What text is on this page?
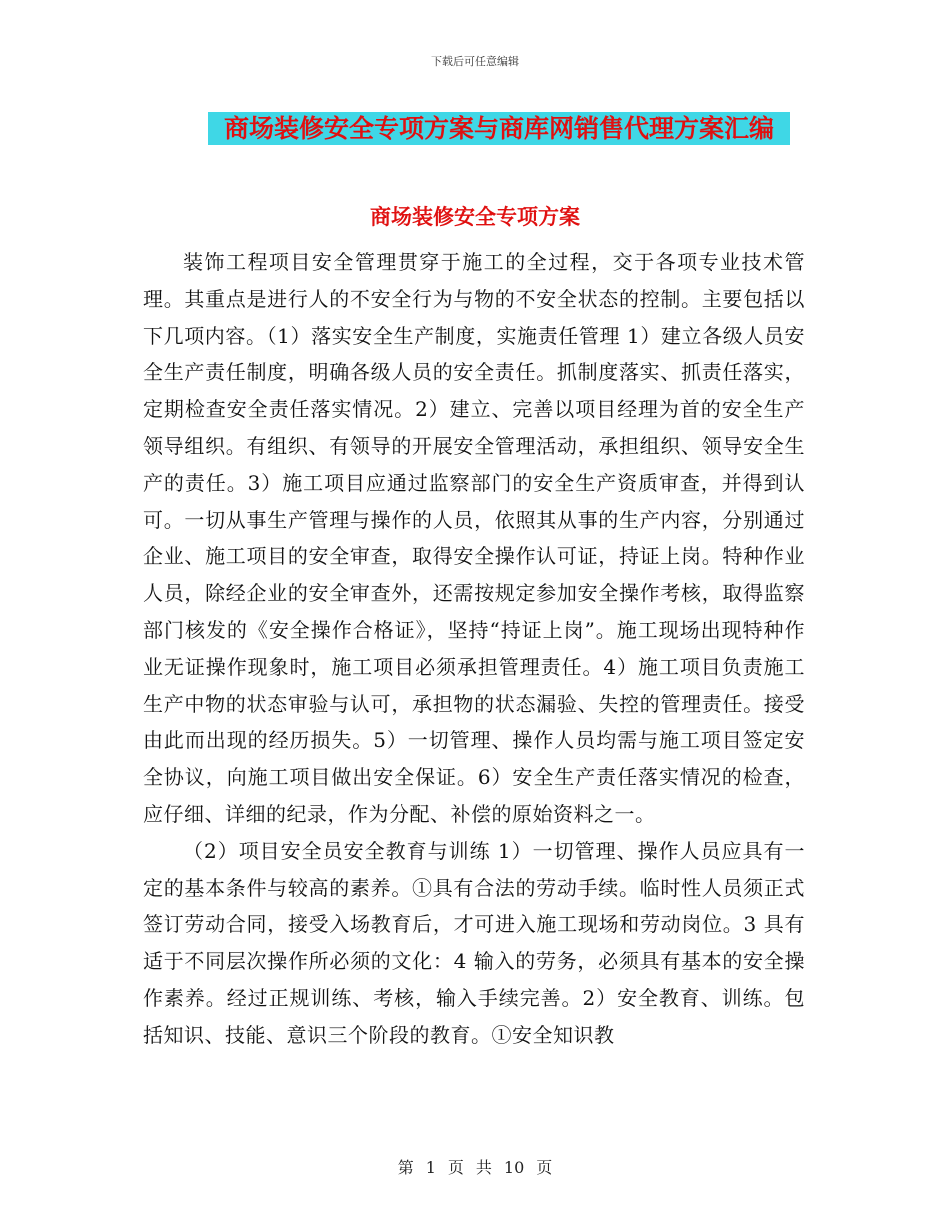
下载后可任意编辑
商场装修安全专项方案与商库网销售代理方案汇编
商场装修安全专项方案

装饰工程项目安全管理贯穿于施工的全过程，交于各项专业技术管理。其重点是进行人的不安全行为与物的不安全状态的控制。主要包括以下几项内容。（1）落实安全生产制度，实施责任管理 1）建立各级人员安全生产责任制度，明确各级人员的安全责任。抓制度落实、抓责任落实，定期检查安全责任落实情况。2）建立、完善以项目经理为首的安全生产领导组织。有组织、有领导的开展安全管理活动，承担组织、领导安全生产的责任。3）施工项目应通过监察部门的安全生产资质审查，并得到认可。一切从事生产管理与操作的人员，依照其从事的生产内容，分别通过企业、施工项目的安全审查，取得安全操作认可证，持证上岗。特种作业人员，除经企业的安全审查外，还需按规定参加安全操作考核，取得监察部门核发的《安全操作合格证》，坚持“持证上岗”。施工现场出现特种作业无证操作现象时，施工项目必须承担管理责任。4）施工项目负责施工生产中物的状态审验与认可，承担物的状态漏验、失控的管理责任。接受由此而出现的经历损失。5）一切管理、操作人员均需与施工项目签定安全协议，向施工项目做出安全保证。6）安全生产责任落实情况的检查，应仔细、详细的纪录，作为分配、补偿的原始资料之一。

（2）项目安全员安全教育与训练 1）一切管理、操作人员应具有一定的基本条件与较高的素养。①具有合法的劳动手续。临时性人员须正式签订劳动合同，接受入场教育后，才可进入施工现场和劳动岗位。3 具有适于不同层次操作所必须的文化：4 输入的劳务，必须具有基本的安全操作素养。经过正规训练、考核，输入手续完善。2）安全教育、训练。包括知识、技能、意识三个阶段的教育。①安全知识教

第 1 页 共 10 页
